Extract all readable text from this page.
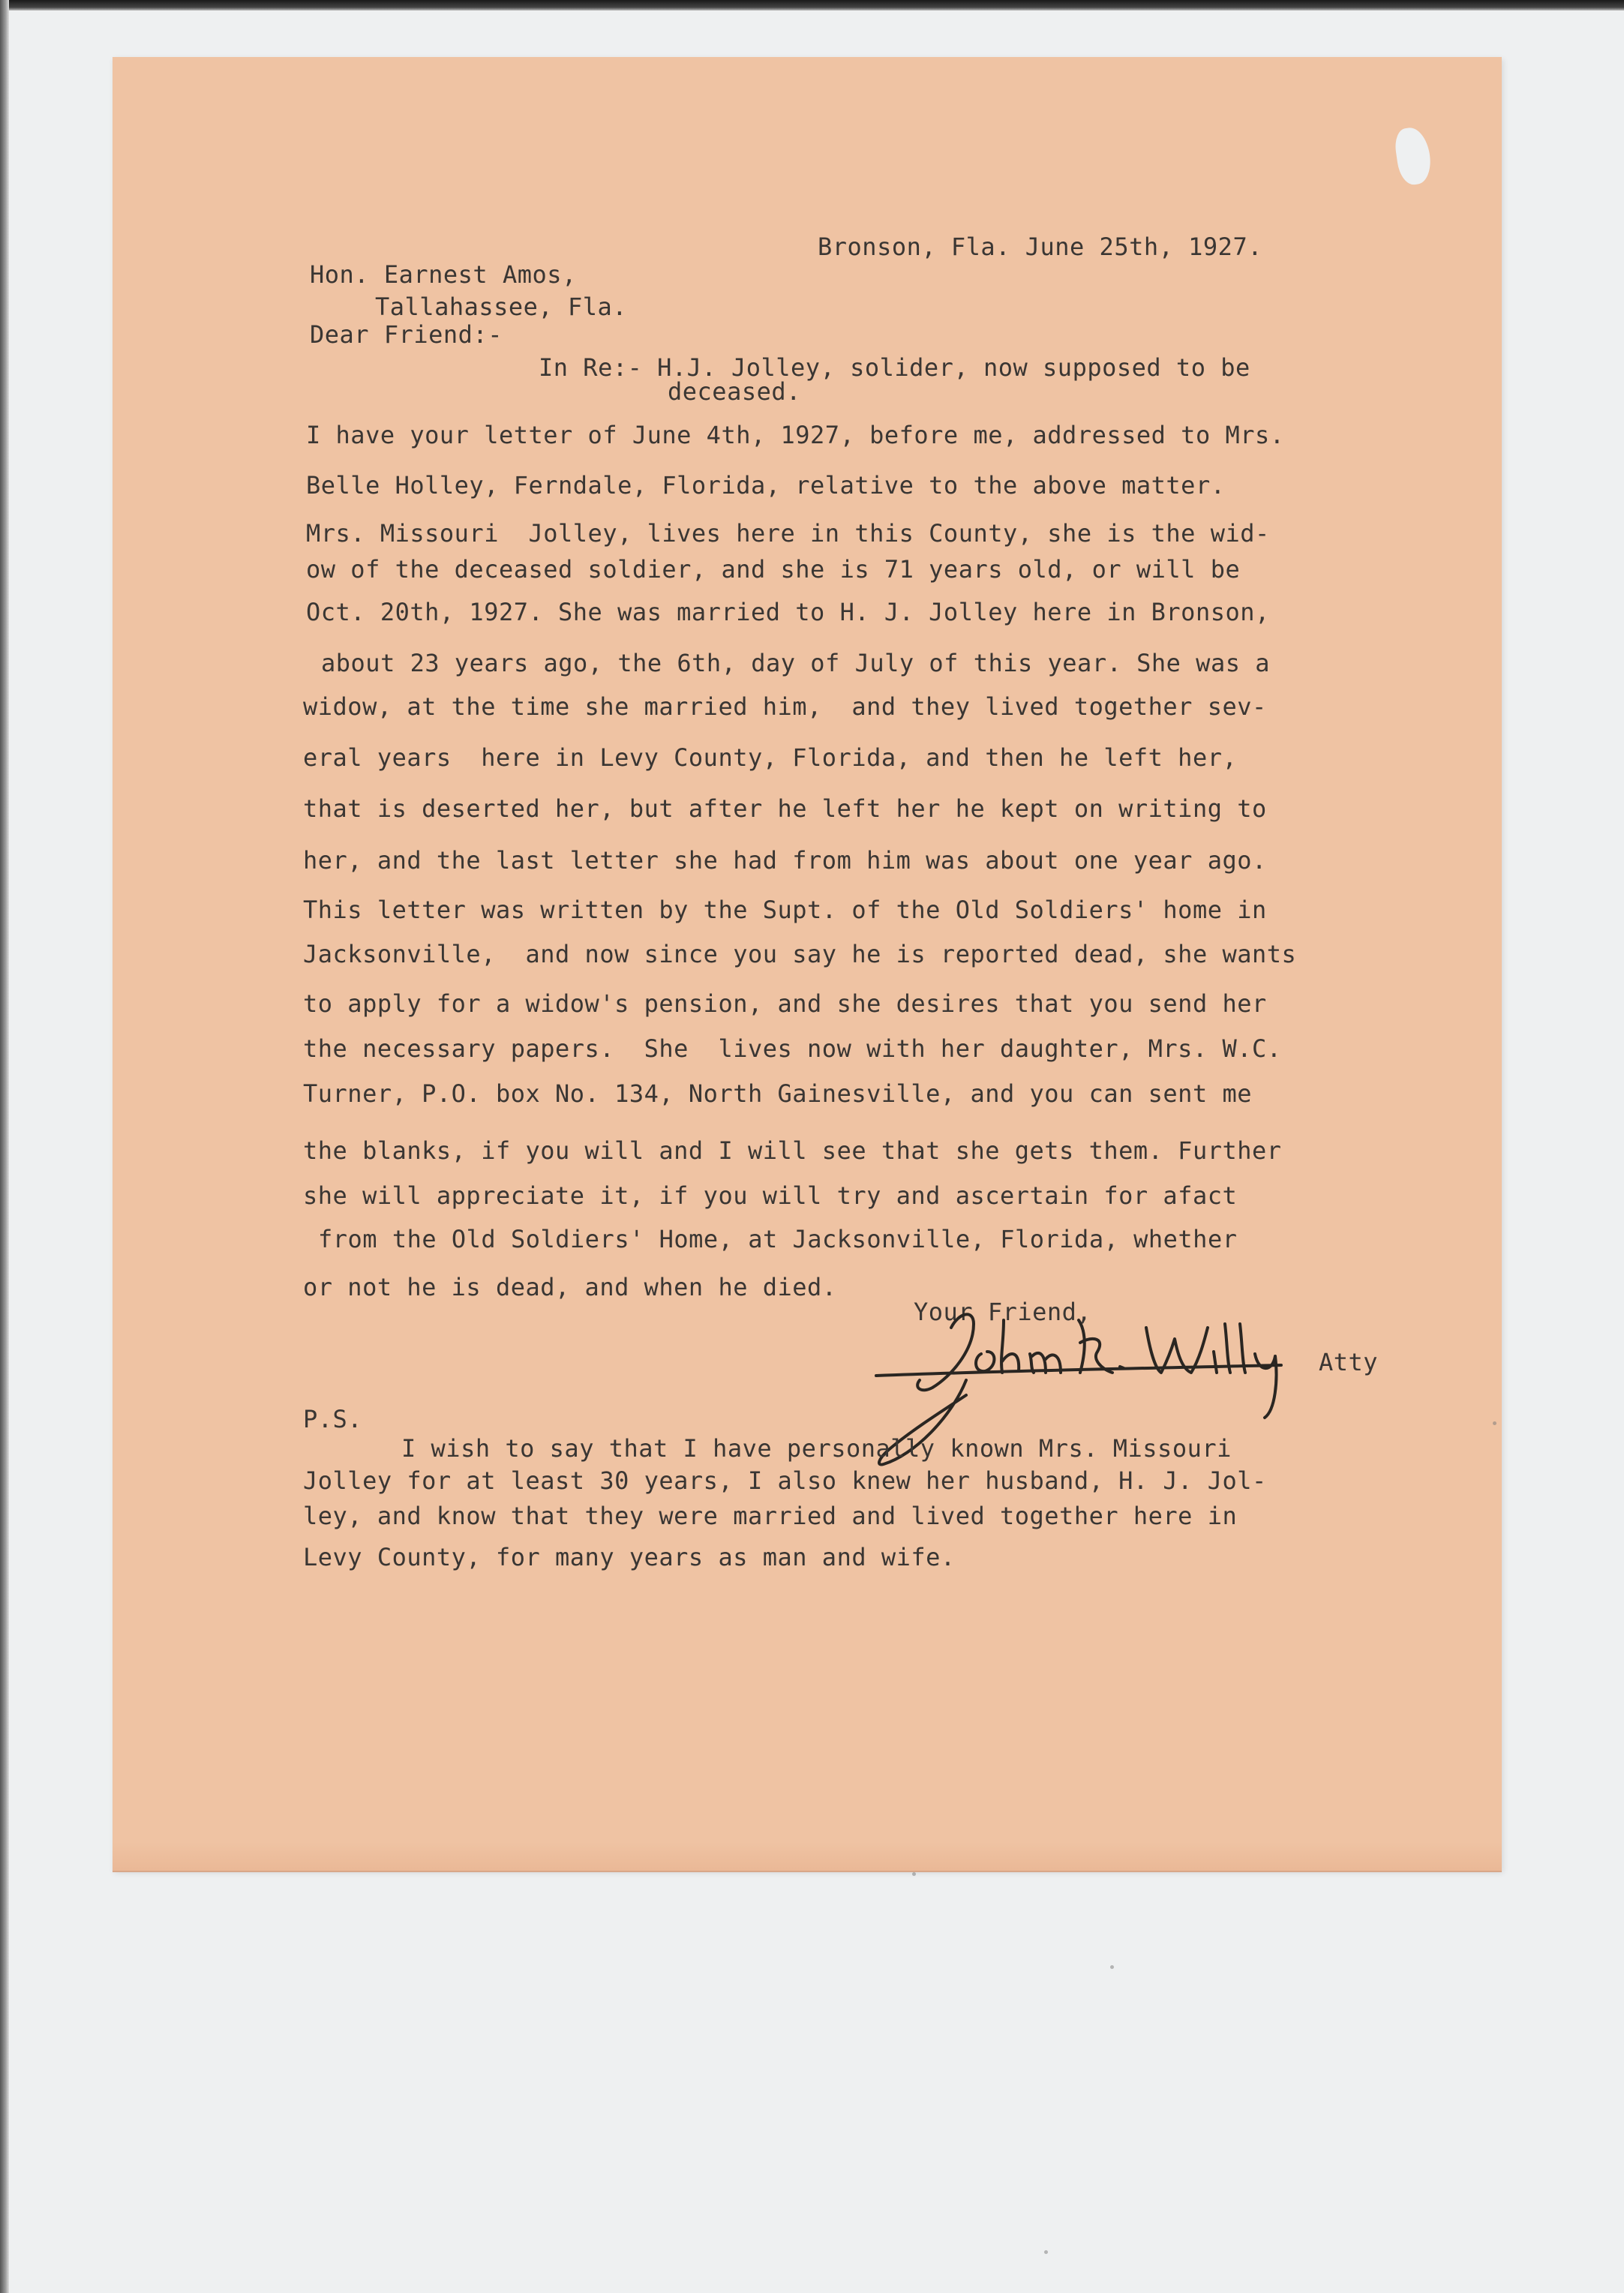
Bronson, Fla. June 25th, 1927.
Hon. Earnest Amos,
Tallahassee, Fla.
Dear Friend:-
In Re:- H.J. Jolley, solider, now supposed to be
deceased.
I have your letter of June 4th, 1927, before me, addressed to Mrs.
Belle Holley, Ferndale, Florida, relative to the above matter.
Mrs. Missouri  Jolley, lives here in this County, she is the wid-
ow of the deceased soldier, and she is 71 years old, or will be
Oct. 20th, 1927. She was married to H. J. Jolley here in Bronson,
about 23 years ago, the 6th, day of July of this year. She was a
widow, at the time she married him,  and they lived together sev-
eral years  here in Levy County, Florida, and then he left her,
that is deserted her, but after he left her he kept on writing to
her, and the last letter she had from him was about one year ago.
This letter was written by the Supt. of the Old Soldiers' home in
Jacksonville,  and now since you say he is reported dead, she wants
to apply for a widow's pension, and she desires that you send her
the necessary papers.  She  lives now with her daughter, Mrs. W.C.
Turner, P.O. box No. 134, North Gainesville, and you can sent me
the blanks, if you will and I will see that she gets them. Further
she will appreciate it, if you will try and ascertain for afact
from the Old Soldiers' Home, at Jacksonville, Florida, whether
or not he is dead, and when he died.
Your Friend,
Atty
P.S.
I wish to say that I have personally known Mrs. Missouri
Jolley for at least 30 years, I also knew her husband, H. J. Jol-
ley, and know that they were married and lived together here in
Levy County, for many years as man and wife.
